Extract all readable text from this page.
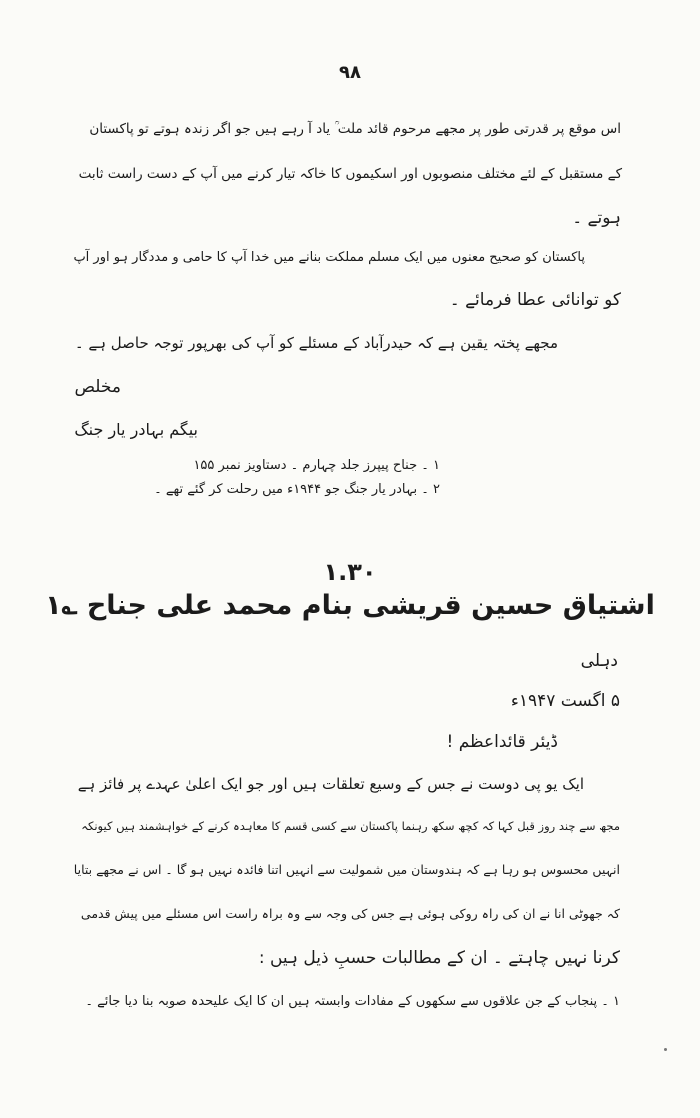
۹۸
اس موقع پر قدرتی طور پر مجھے مرحوم قائد ملت ؒ یاد آ رہے ہیں جو اگر زندہ ہوتے تو پاکستان
کے مستقبل کے لئے مختلف منصوبوں اور اسکیموں کا خاکہ تیار کرنے میں آپ کے دست راست ثابت
ہوتے ۔
پاکستان کو صحیح معنوں میں ایک مسلم مملکت بنانے میں خدا آپ کا حامی و مددگار ہو اور آپ
کو توانائی عطا فرمائے ۔
مجھے پختہ یقین ہے کہ حیدرآباد کے مسئلے کو آپ کی بھرپور توجہ حاصل ہے ۔
مخلص
بیگم بہادر یار جنگ
۱ ۔ جناح پیپرز جلد چہارم ۔ دستاویز نمبر ۱۵۵
۲ ۔ بہادر یار جنگ جو ۱۹۴۴ء میں رحلت کر گئے تھے ۔
۱.۳۰
اشتیاق حسین قریشی بنام محمد علی جناح ؎۱
دہلی
۵ اگست ۱۹۴۷ء
ڈیئر قائداعظم !
ایک یو پی دوست نے جس کے وسیع تعلقات ہیں اور جو ایک اعلیٰ عہدے پر فائز ہے
مجھ سے چند روز قبل کہا کہ کچھ سکھ رہنما پاکستان سے کسی قسم کا معاہدہ کرنے کے خواہشمند ہیں کیونکہ
انہیں محسوس ہو رہا ہے کہ ہندوستان میں شمولیت سے انہیں اتنا فائدہ نہیں ہو گا ۔ اس نے مجھے بتایا
کہ جھوٹی انا نے ان کی راہ روکی ہوئی ہے جس کی وجہ سے وہ براہ راست اس مسئلے میں پیش قدمی
کرنا نہیں چاہتے ۔ ان کے مطالبات حسبِ ذیل ہیں :
۱ ۔ پنجاب کے جن علاقوں سے سکھوں کے مفادات وابستہ ہیں ان کا ایک علیحدہ صوبہ بنا دیا جائے ۔
